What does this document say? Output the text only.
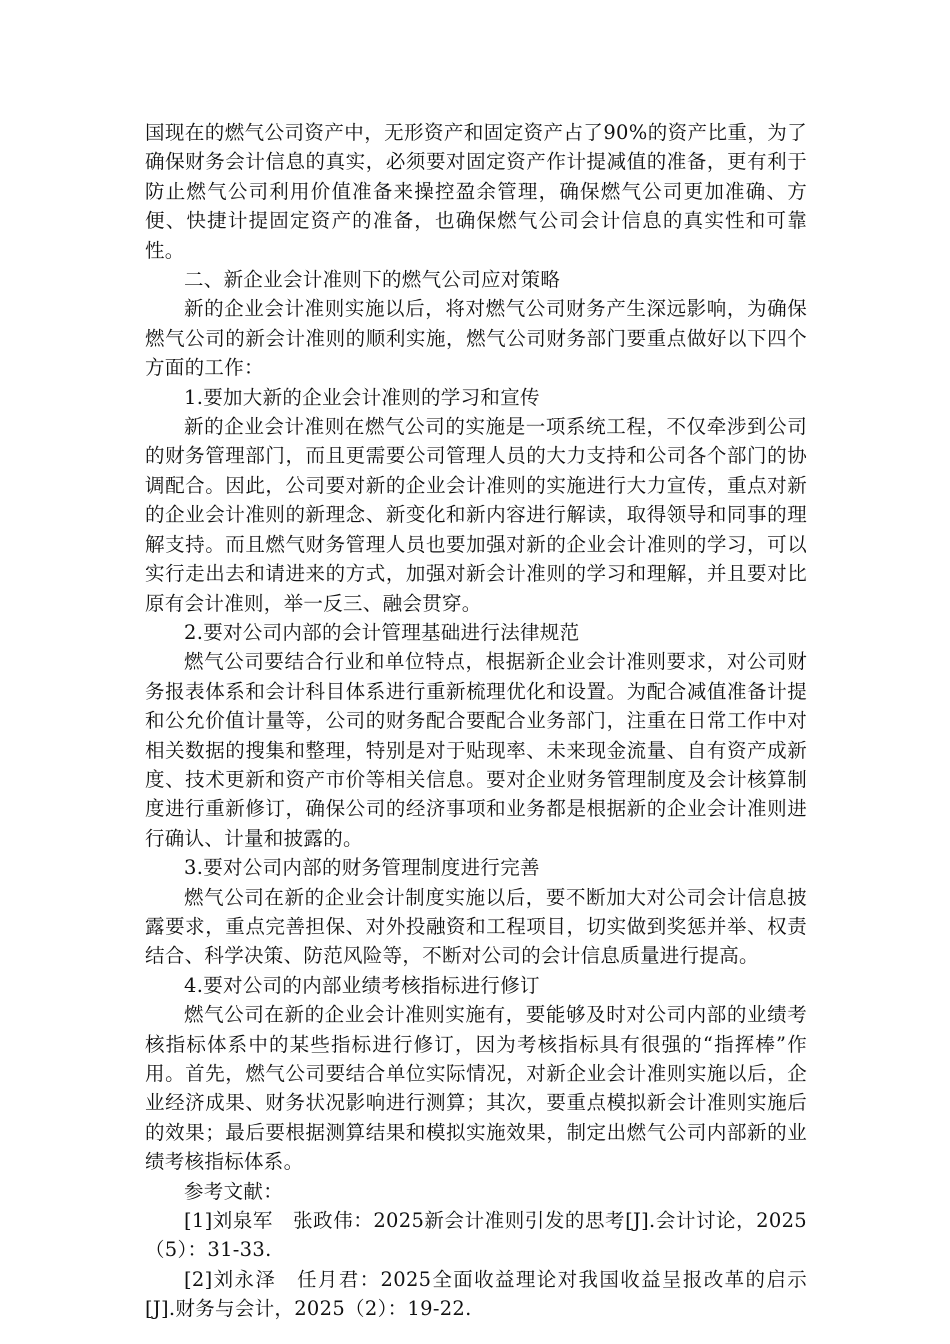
国现在的燃气公司资产中，无形资产和固定资产占了90%的资产比重，为了确保财务会计信息的真实，必须要对固定资产作计提减值的准备，更有利于防止燃气公司利用价值准备来操控盈余管理，确保燃气公司更加准确、方便、快捷计提固定资产的准备，也确保燃气公司会计信息的真实性和可靠性。

二、新企业会计准则下的燃气公司应对策略

新的企业会计准则实施以后，将对燃气公司财务产生深远影响，为确保燃气公司的新会计准则的顺利实施，燃气公司财务部门要重点做好以下四个方面的工作：

1.要加大新的企业会计准则的学习和宣传

新的企业会计准则在燃气公司的实施是一项系统工程，不仅牵涉到公司的财务管理部门，而且更需要公司管理人员的大力支持和公司各个部门的协调配合。因此，公司要对新的企业会计准则的实施进行大力宣传，重点对新的企业会计准则的新理念、新变化和新内容进行解读，取得领导和同事的理解支持。而且燃气财务管理人员也要加强对新的企业会计准则的学习，可以实行走出去和请进来的方式，加强对新会计准则的学习和理解，并且要对比原有会计准则，举一反三、融会贯穿。

2.要对公司内部的会计管理基础进行法律规范

燃气公司要结合行业和单位特点，根据新企业会计准则要求，对公司财务报表体系和会计科目体系进行重新梳理优化和设置。为配合减值准备计提和公允价值计量等，公司的财务配合要配合业务部门，注重在日常工作中对相关数据的搜集和整理，特别是对于贴现率、未来现金流量、自有资产成新度、技术更新和资产市价等相关信息。要对企业财务管理制度及会计核算制度进行重新修订，确保公司的经济事项和业务都是根据新的企业会计准则进行确认、计量和披露的。

3.要对公司内部的财务管理制度进行完善

燃气公司在新的企业会计制度实施以后，要不断加大对公司会计信息披露要求，重点完善担保、对外投融资和工程项目，切实做到奖惩并举、权责结合、科学决策、防范风险等，不断对公司的会计信息质量进行提高。

4.要对公司的内部业绩考核指标进行修订

燃气公司在新的企业会计准则实施有，要能够及时对公司内部的业绩考核指标体系中的某些指标进行修订，因为考核指标具有很强的“指挥棒”作用。首先，燃气公司要结合单位实际情况，对新企业会计准则实施以后，企业经济成果、财务状况影响进行测算；其次，要重点模拟新会计准则实施后的效果；最后要根据测算结果和模拟实施效果，制定出燃气公司内部新的业绩考核指标体系。

参考文献：

[1]刘泉军　张政伟：2025新会计准则引发的思考[J].会计讨论，2025（5）：31-33.

[2]刘永泽　任月君：2025全面收益理论对我国收益呈报改革的启示[J].财务与会计，2025（2）：19-22.
